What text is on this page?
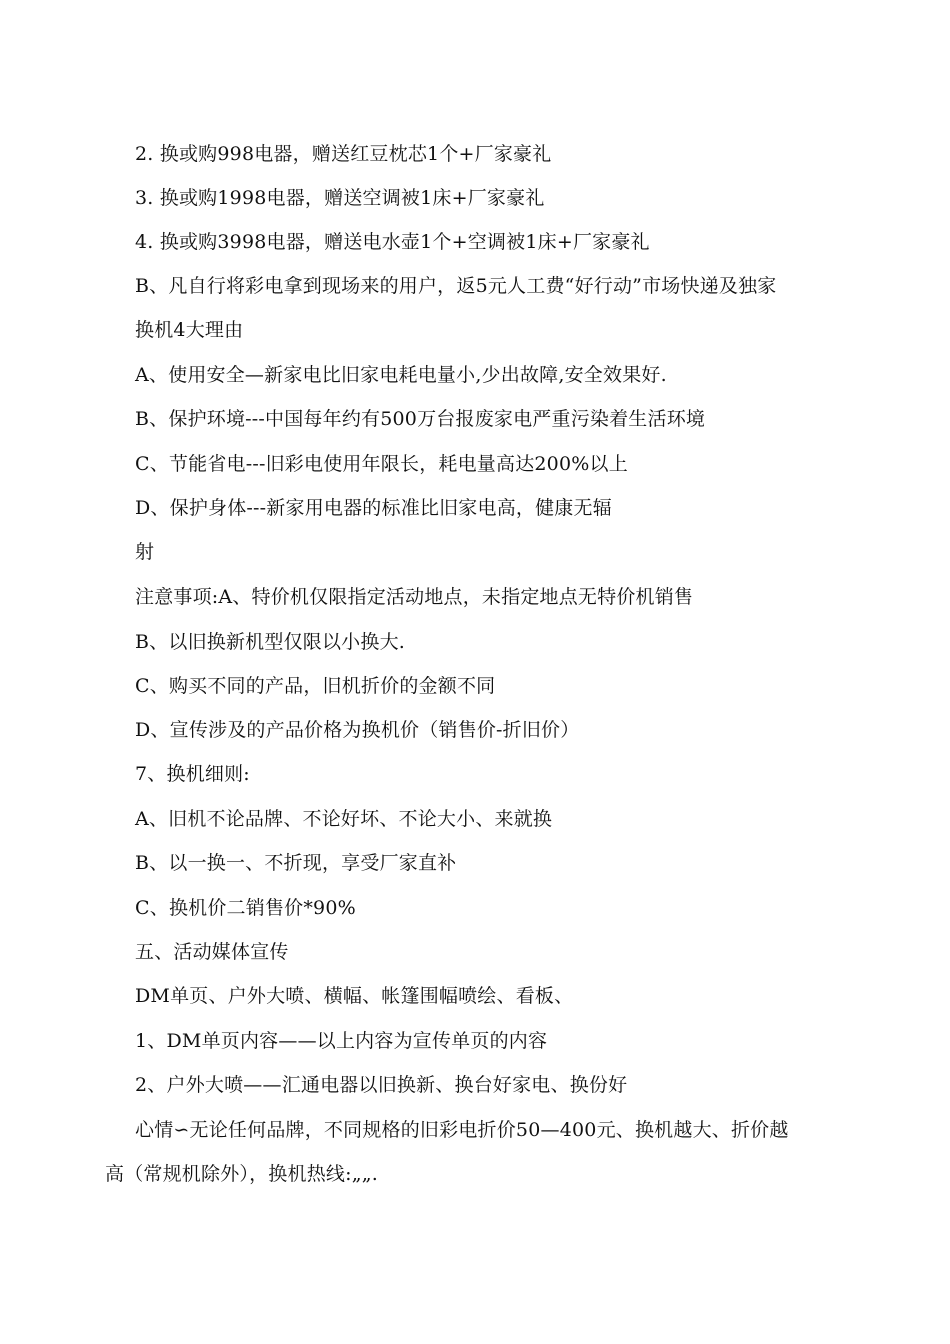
2. 换或购998电器，赠送红豆枕芯1个+厂家豪礼
3. 换或购1998电器，赠送空调被1床+厂家豪礼
4. 换或购3998电器，赠送电水壶1个+空调被1床+厂家豪礼
B、凡自行将彩电拿到现场来的用户，返5元人工费“好行动”市场快递及独家
换机4大理由
A、使用安全—新家电比旧家电耗电量小,少出故障,安全效果好.
B、保护环境---中国每年约有500万台报废家电严重污染着生活环境
C、节能省电---旧彩电使用年限长，耗电量高达200%以上
D、保护身体---新家用电器的标准比旧家电高，健康无辐
射
注意事项:A、特价机仅限指定活动地点，未指定地点无特价机销售
B、以旧换新机型仅限以小换大.
C、购买不同的产品，旧机折价的金额不同
D、宣传涉及的产品价格为换机价（销售价-折旧价）
7、换机细则:
A、旧机不论品牌、不论好坏、不论大小、来就换
B、以一换一、不折现，享受厂家直补
C、换机价二销售价*90%
五、活动媒体宣传
DM单页、户外大喷、横幅、帐篷围幅喷绘、看板、
1、DM单页内容——以上内容为宣传单页的内容
2、户外大喷——汇通电器以旧换新、换台好家电、换份好
心情∽无论任何品牌，不同规格的旧彩电折价50—400元、换机越大、折价越
高（常规机除外），换机热线:„„.
